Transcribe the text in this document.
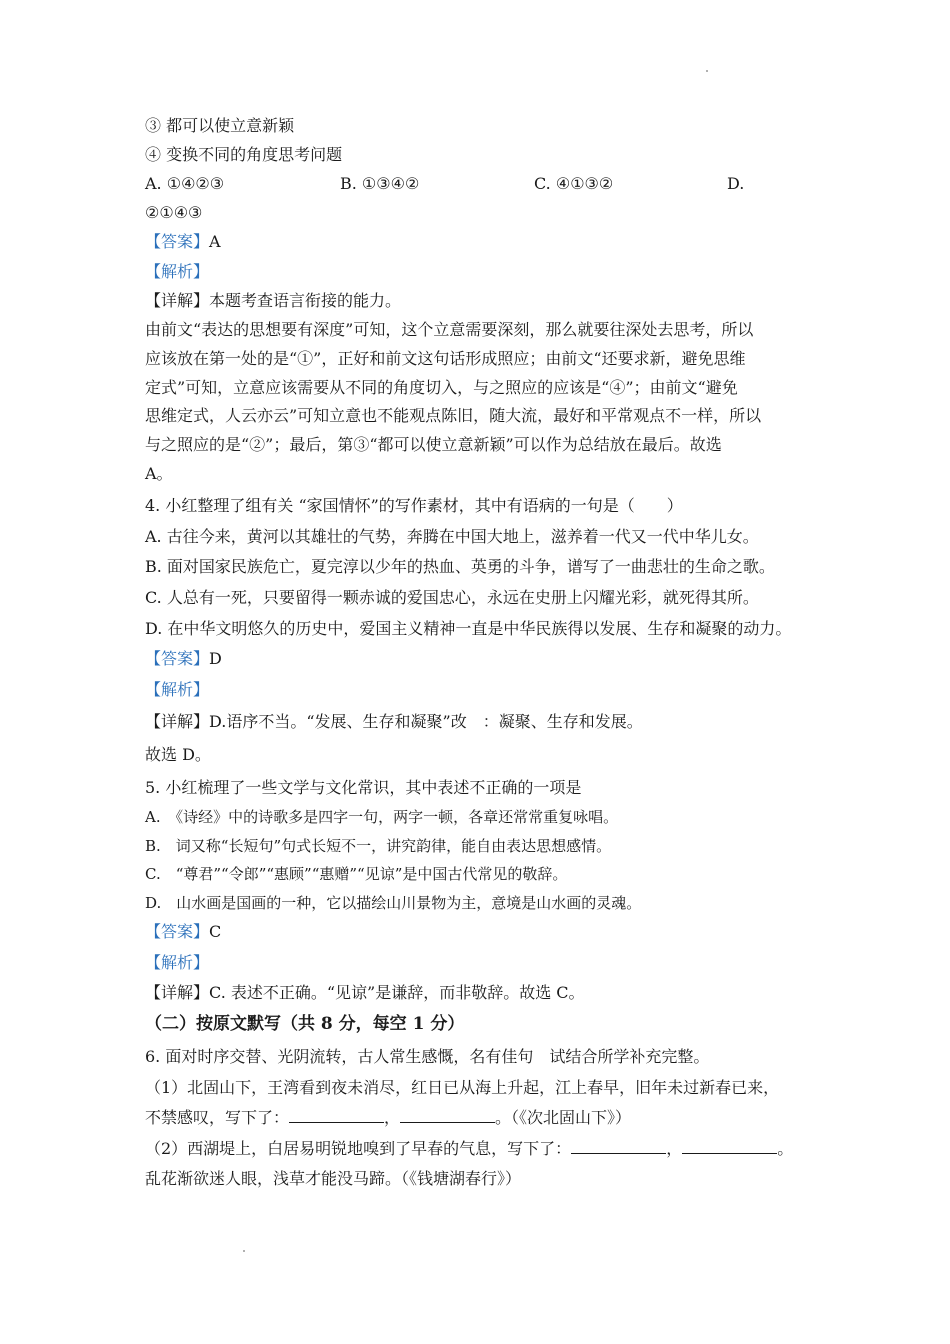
③ 都可以使立意新颖
④ 变换不同的角度思考问题
A. ①④②③	B. ①③④②	C. ④①③②	D.
②①④③
【答案】A
【解析】
【详解】本题考查语言衔接的能力。
由前文“表达的思想要有深度”可知，这个立意需要深刻，那么就要往深处去思考，所以
应该放在第一处的是“①”，正好和前文这句话形成照应；由前文“还要求新，避免思维
定式”可知，立意应该需要从不同的角度切入，与之照应的应该是“④”；由前文“避免
思维定式，人云亦云”可知立意也不能观点陈旧，随大流，最好和平常观点不一样，所以
与之照应的是“②”；最后，第③“都可以使立意新颖”可以作为总结放在最后。故选
A。
4. 小红整理了组有关 “家国情怀”的写作素材，其中有语病的一句是（　　）
A. 古往今来，黄河以其雄壮的气势，奔腾在中国大地上，滋养着一代又一代中华儿女。
B. 面对国家民族危亡，夏完淳以少年的热血、英勇的斗争，谱写了一曲悲壮的生命之歌。
C. 人总有一死，只要留得一颗赤诚的爱国忠心，永远在史册上闪耀光彩，就死得其所。
D. 在中华文明悠久的历史中，爱国主义精神一直是中华民族得以发展、生存和凝聚的动力。
【答案】D
【解析】
【详解】D.语序不当。“发展、生存和凝聚”改　：凝聚、生存和发展。
故选 D。
5. 小红梳理了一些文学与文化常识，其中表述不正确的一项是
A.　《诗经》中的诗歌多是四字一句，两字一顿，各章还常常重复咏唱。
B.　词又称“长短句”句式长短不一，讲究韵律，能自由表达思想感情。
C.　“尊君”“令郎”“惠顾”“惠赠”“见谅”是中国古代常见的敬辞。
D.　山水画是国画的一种，它以描绘山川景物为主，意境是山水画的灵魂。
【答案】C
【解析】
【详解】C. 表述不正确。“见谅”是谦辞，而非敬辞。故选 C。
（二）按原文默写（共 8 分，每空 1 分）
6. 面对时序交替、光阴流转，古人常生感慨，名有佳句　试结合所学补充完整。
（1）北固山下，王湾看到夜未消尽，红日已从海上升起，江上春早，旧年未过新春已来，
不禁感叹，写下了：	，	。（《次北固山下》）
（2）西湖堤上，白居易明锐地嗅到了早春的气息，写下了：	，	。
乱花渐欲迷人眼，浅草才能没马蹄。（《钱塘湖春行》）
